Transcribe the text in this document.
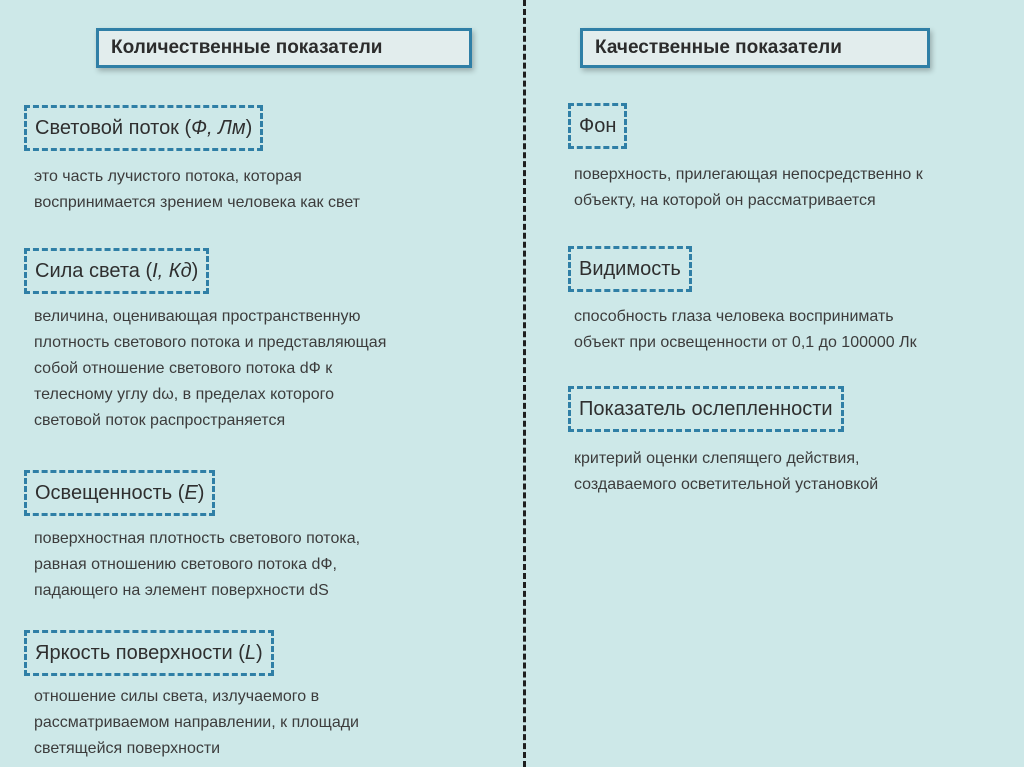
Количественные показатели	Качественные показатели
Световой поток (Ф, Лм)
это часть лучистого потока, которая
воспринимается зрением человека как свет
Сила света (I, Кд)
величина, оценивающая пространственную
плотность светового потока и представляющая
собой отношение светового потока dФ к
телесному углу dω, в пределах которого
световой поток распространяется
Освещенность (E)
поверхностная плотность светового потока,
равная отношению светового потока dФ,
падающего на элемент поверхности dS
Яркость поверхности (L)
отношение силы света, излучаемого в
рассматриваемом направлении, к площади
светящейся поверхности
Фон
поверхность, прилегающая непосредственно к
объекту, на которой он рассматривается
Видимость
способность глаза человека воспринимать
объект при освещенности от 0,1 до 100000 Лк
Показатель ослепленности
критерий оценки слепящего действия,
создаваемого осветительной установкой
